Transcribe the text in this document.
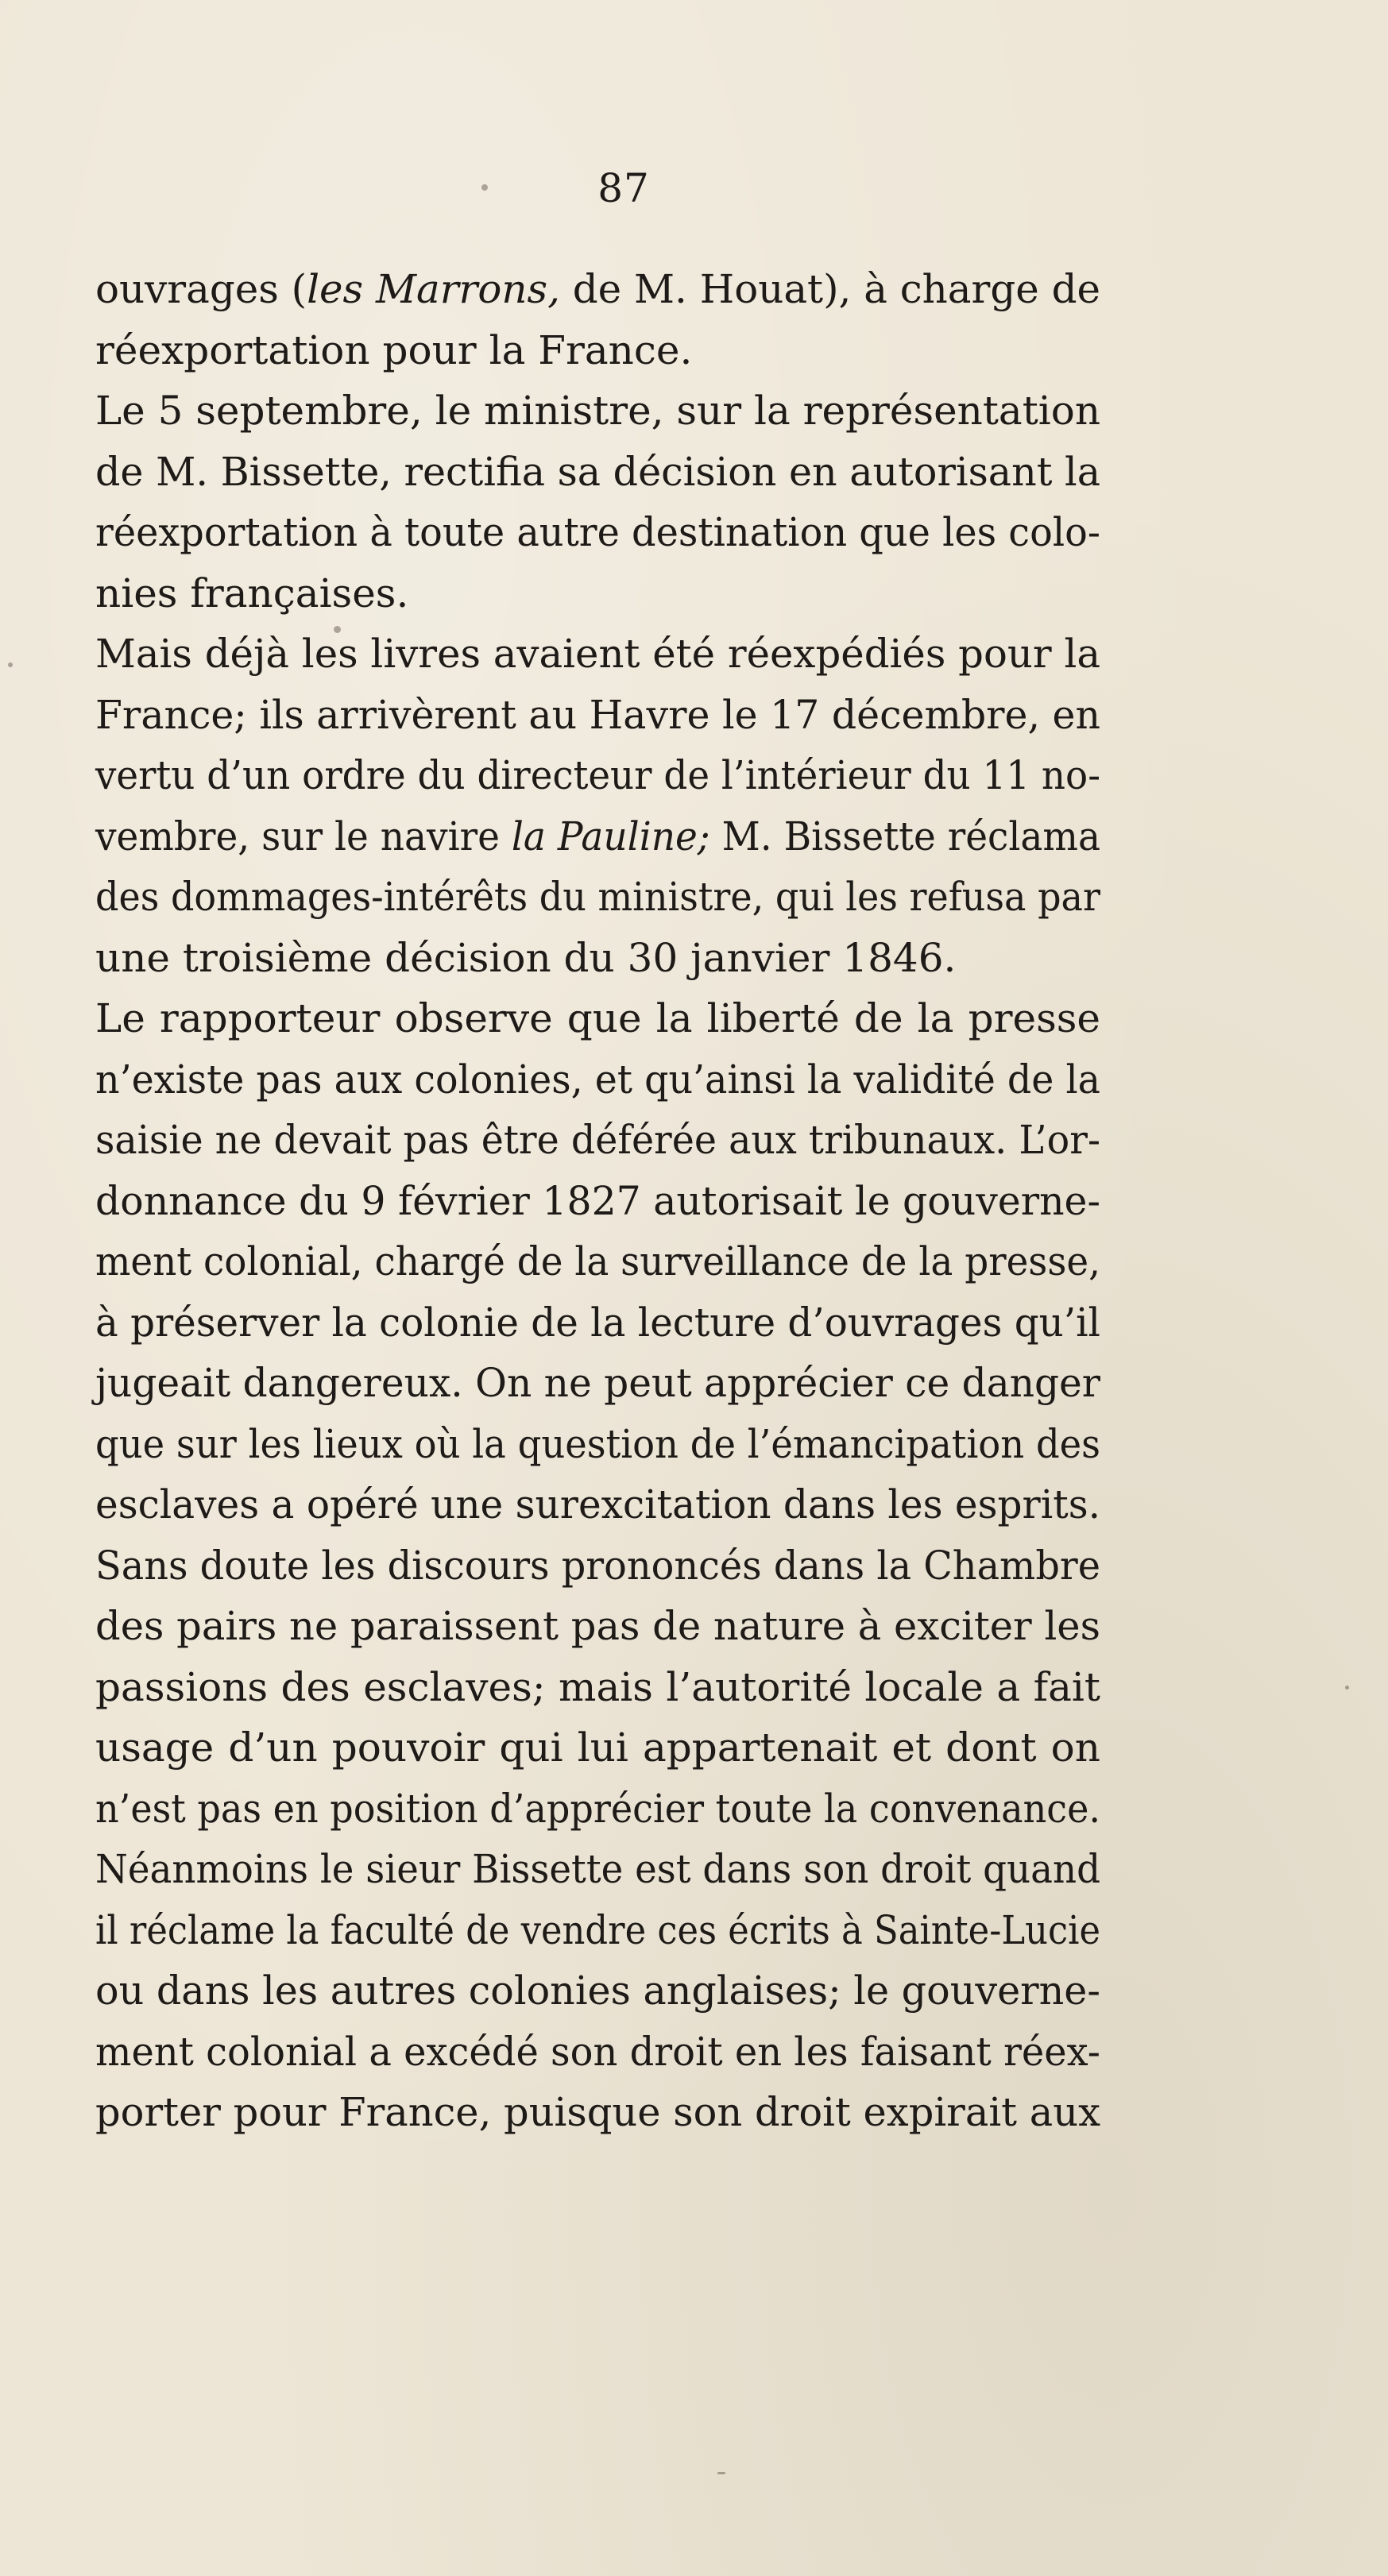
87
ouvrages (les Marrons, de M. Houat), à charge de
réexportation pour la France.
Le 5 septembre, le ministre, sur la représentation
de M. Bissette, rectifia sa décision en autorisant la
réexportation à toute autre destination que les colo-
nies françaises.
Mais déjà les livres avaient été réexpédiés pour la
France; ils arrivèrent au Havre le 17 décembre, en
vertu d’un ordre du directeur de l’intérieur du 11 no-
vembre, sur le navire la Pauline; M. Bissette réclama
des dommages-intérêts du ministre, qui les refusa par
une troisième décision du 30 janvier 1846.
Le rapporteur observe que la liberté de la presse
n’existe pas aux colonies, et qu’ainsi la validité de la
saisie ne devait pas être déférée aux tribunaux. L’or-
donnance du 9 février 1827 autorisait le gouverne-
ment colonial, chargé de la surveillance de la presse,
à préserver la colonie de la lecture d’ouvrages qu’il
jugeait dangereux. On ne peut apprécier ce danger
que sur les lieux où la question de l’émancipation des
esclaves a opéré une surexcitation dans les esprits.
Sans doute les discours prononcés dans la Chambre
des pairs ne paraissent pas de nature à exciter les
passions des esclaves; mais l’autorité locale a fait
usage d’un pouvoir qui lui appartenait et dont on
n’est pas en position d’apprécier toute la convenance.
Néanmoins le sieur Bissette est dans son droit quand
il réclame la faculté de vendre ces écrits à Sainte-Lucie
ou dans les autres colonies anglaises; le gouverne-
ment colonial a excédé son droit en les faisant réex-
porter pour France, puisque son droit expirait aux
